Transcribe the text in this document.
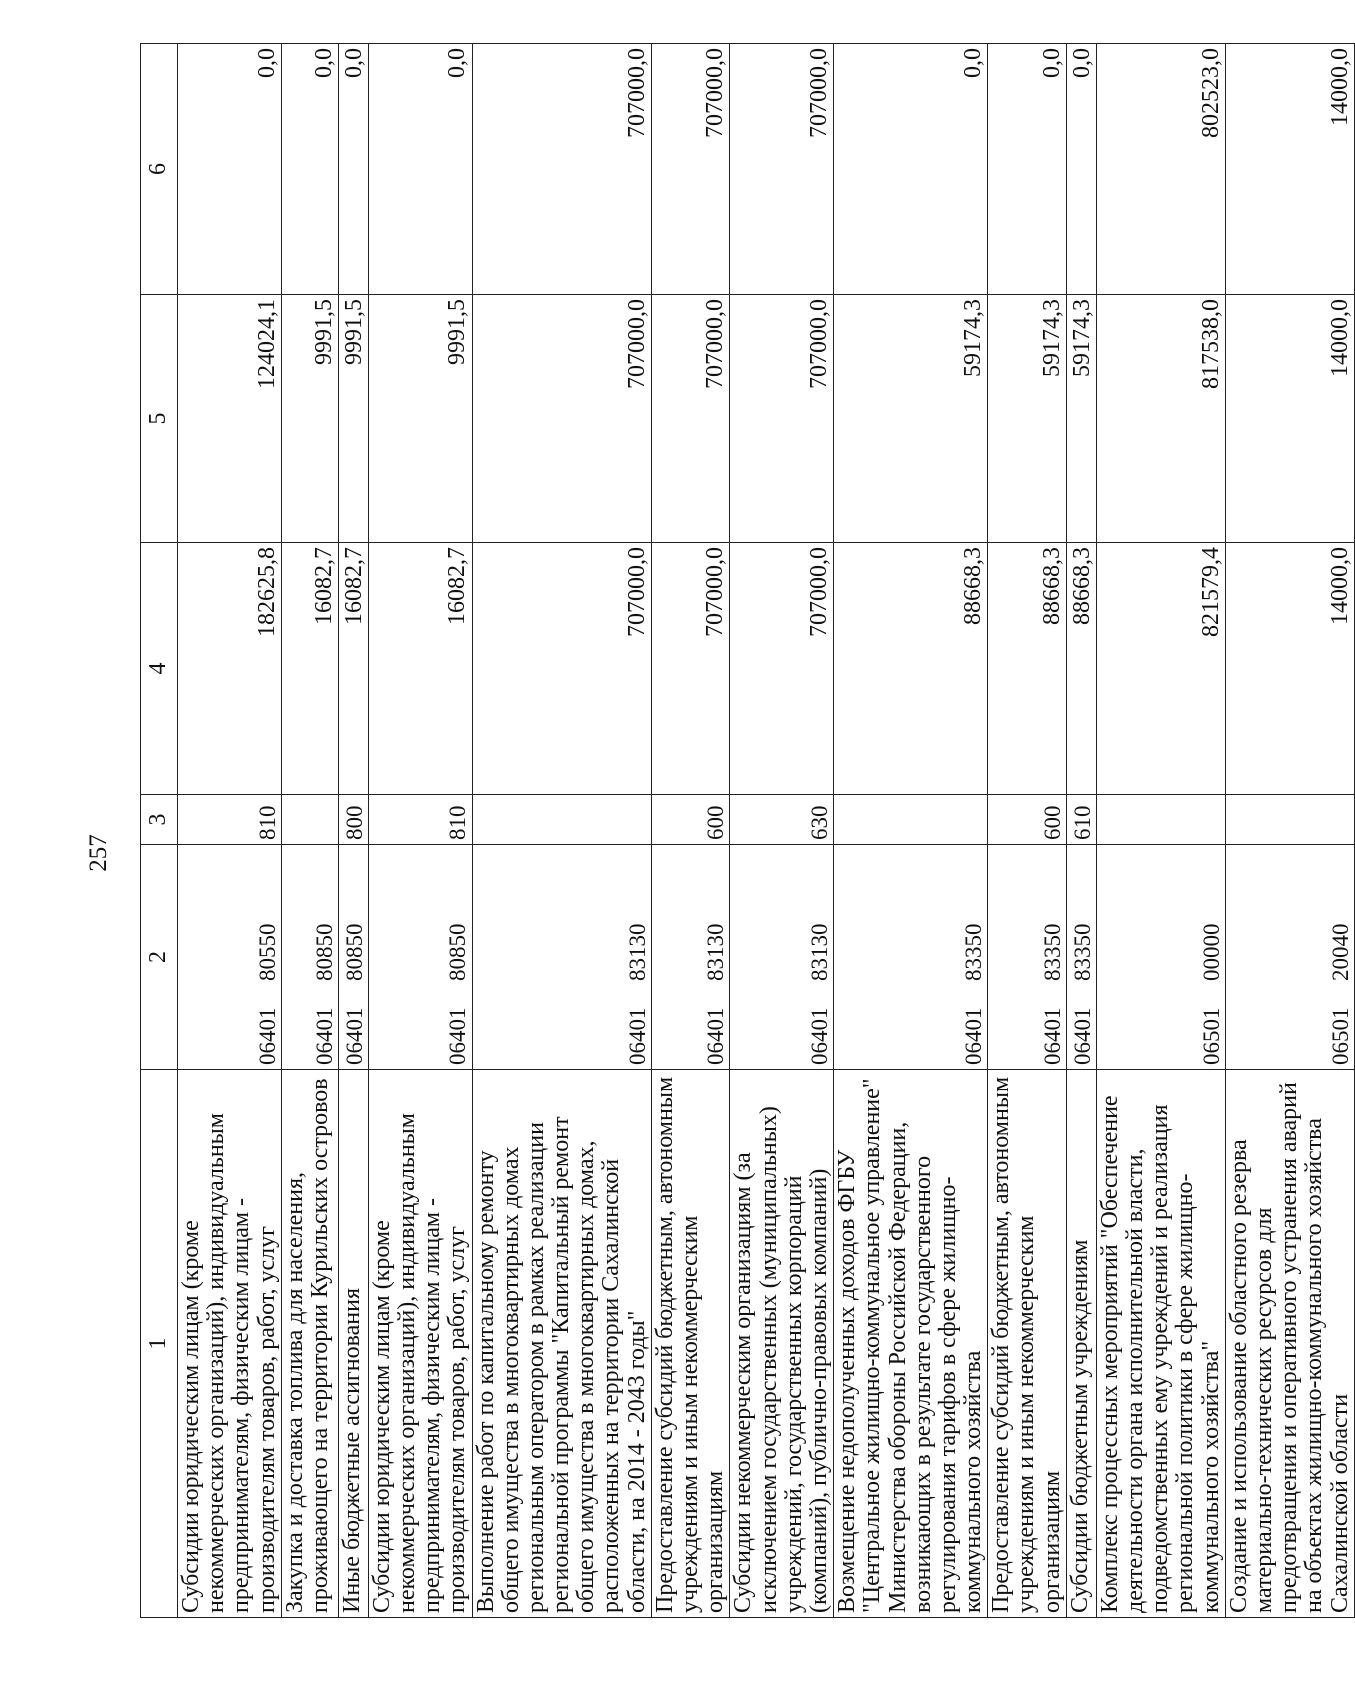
257
1	2	3	4	5	6
Субсидии юридическим лицам (кроме некоммерческих организаций), индивидуальным предпринимателям, физическим лицам - производителям товаров, работ, услуг	0640180550	810	182625,8	124024,1	0,0
Закупка и доставка топлива для населения, проживающего на территории Курильских островов	0640180850		16082,7	9991,5	0,0
Иные бюджетные ассигнования	0640180850	800	16082,7	9991,5	0,0
Субсидии юридическим лицам (кроме некоммерческих организаций), индивидуальным предпринимателям, физическим лицам - производителям товаров, работ, услуг	0640180850	810	16082,7	9991,5	0,0
Выполнение работ по капитальному ремонту общего имущества в многоквартирных домах региональным оператором в рамках реализации региональной программы "Капитальный ремонт общего имущества в многоквартирных домах, расположенных на территории Сахалинской области, на 2014 - 2043 годы"	0640183130		707000,0	707000,0	707000,0
Предоставление субсидий бюджетным, автономным учреждениям и иным некоммерческим организациям	0640183130	600	707000,0	707000,0	707000,0
Субсидии некоммерческим организациям (за исключением государственных (муниципальных) учреждений, государственных корпораций (компаний), публично-правовых компаний)	0640183130	630	707000,0	707000,0	707000,0
Возмещение недополученных доходов ФГБУ "Центральное жилищно-коммунальное управление" Министерства обороны Российской Федерации, возникающих в результате государственного регулирования тарифов в сфере жилищно-коммунального хозяйства	0640183350		88668,3	59174,3	0,0
Предоставление субсидий бюджетным, автономным учреждениям и иным некоммерческим организациям	0640183350	600	88668,3	59174,3	0,0
Субсидии бюджетным учреждениям	0640183350	610	88668,3	59174,3	0,0
Комплекс процессных мероприятий "Обеспечение деятельности органа исполнительной власти, подведомственных ему учреждений и реализация региональной политики в сфере жилищно-коммунального хозяйства"	0650100000		821579,4	817538,0	802523,0
Создание и использование областного резерва материально-технических ресурсов для предотвращения и оперативного устранения аварий на объектах жилищно-коммунального хозяйства Сахалинской области	0650120040		14000,0	14000,0	14000,0
